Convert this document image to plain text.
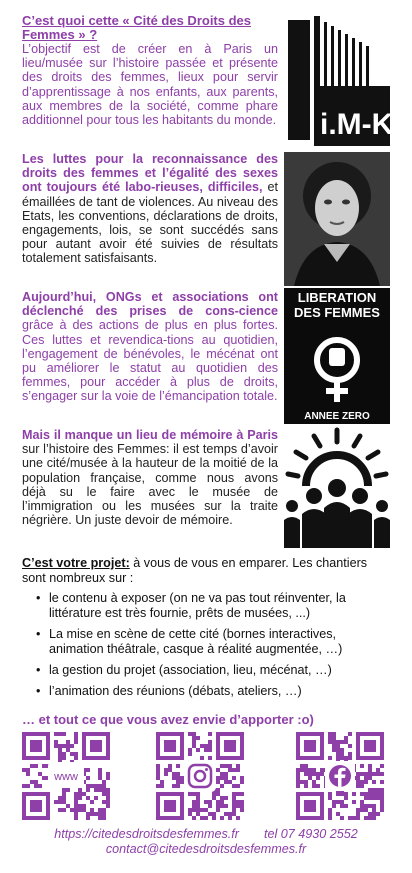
C’est quoi cette « Cité des Droits des Femmes » ?
L’objectif est de créer en à Paris un lieu/musée sur l’histoire passée et présente des droits des femmes, lieux pour servir d’apprentissage à nos enfants, aux parents, aux membres de la société, comme phare additionnel pour tous les habitants du monde. i.M-ΚΣ
Les luttes pour la reconnaissance des droits des femmes et l’égalité des sexes ont toujours été labo-rieuses, difficiles, et émaillées de tant de violences. Au niveau des Etats, les conventions, déclarations de droits, engagements, lois, se sont succédés sans pour autant avoir été suivies de résultats totalement satisfaisants.
Aujourd’hui, ONGs et associations ont déclenché des prises de cons-cience grâce à des actions de plus en plus fortes. Ces luttes et revendica-tions au quotidien, l’engagement de bénévoles, le mécénat ont pu améliorer le statut au quotidien des femmes, pour accéder à plus de droits, s’engager sur la voie de l’émancipation totale.
LIBERATION DES FEMMES
ANNEE ZERO
Mais il manque un lieu de mémoire à Paris sur l’histoire des Femmes: il est temps d’avoir une cité/musée à la hauteur de la moitié de la population française, comme nous avons déjà su le faire avec le musée de l’immigration ou les musées sur la traite négrière. Un juste devoir de mémoire.
C’est votre projet: à vous de vous en emparer. Les chantiers sont nombreux sur :
• le contenu à exposer (on ne va pas tout réinventer, la littérature est très fournie, prêts de musées, ...)
• La mise en scène de cette cité (bornes interactives, animation théâtrale, casque à réalité augmentée, …)
• la gestion du projet (association, lieu, mécénat, …)
• l’animation des réunions (débats, ateliers, …)
… et tout ce que vous avez envie d’apporter :o)
www
https://citedesdroitsdesfemmes.fr tel 07 4930 2552
contact@citedesdroitsdesfemmes.fr
